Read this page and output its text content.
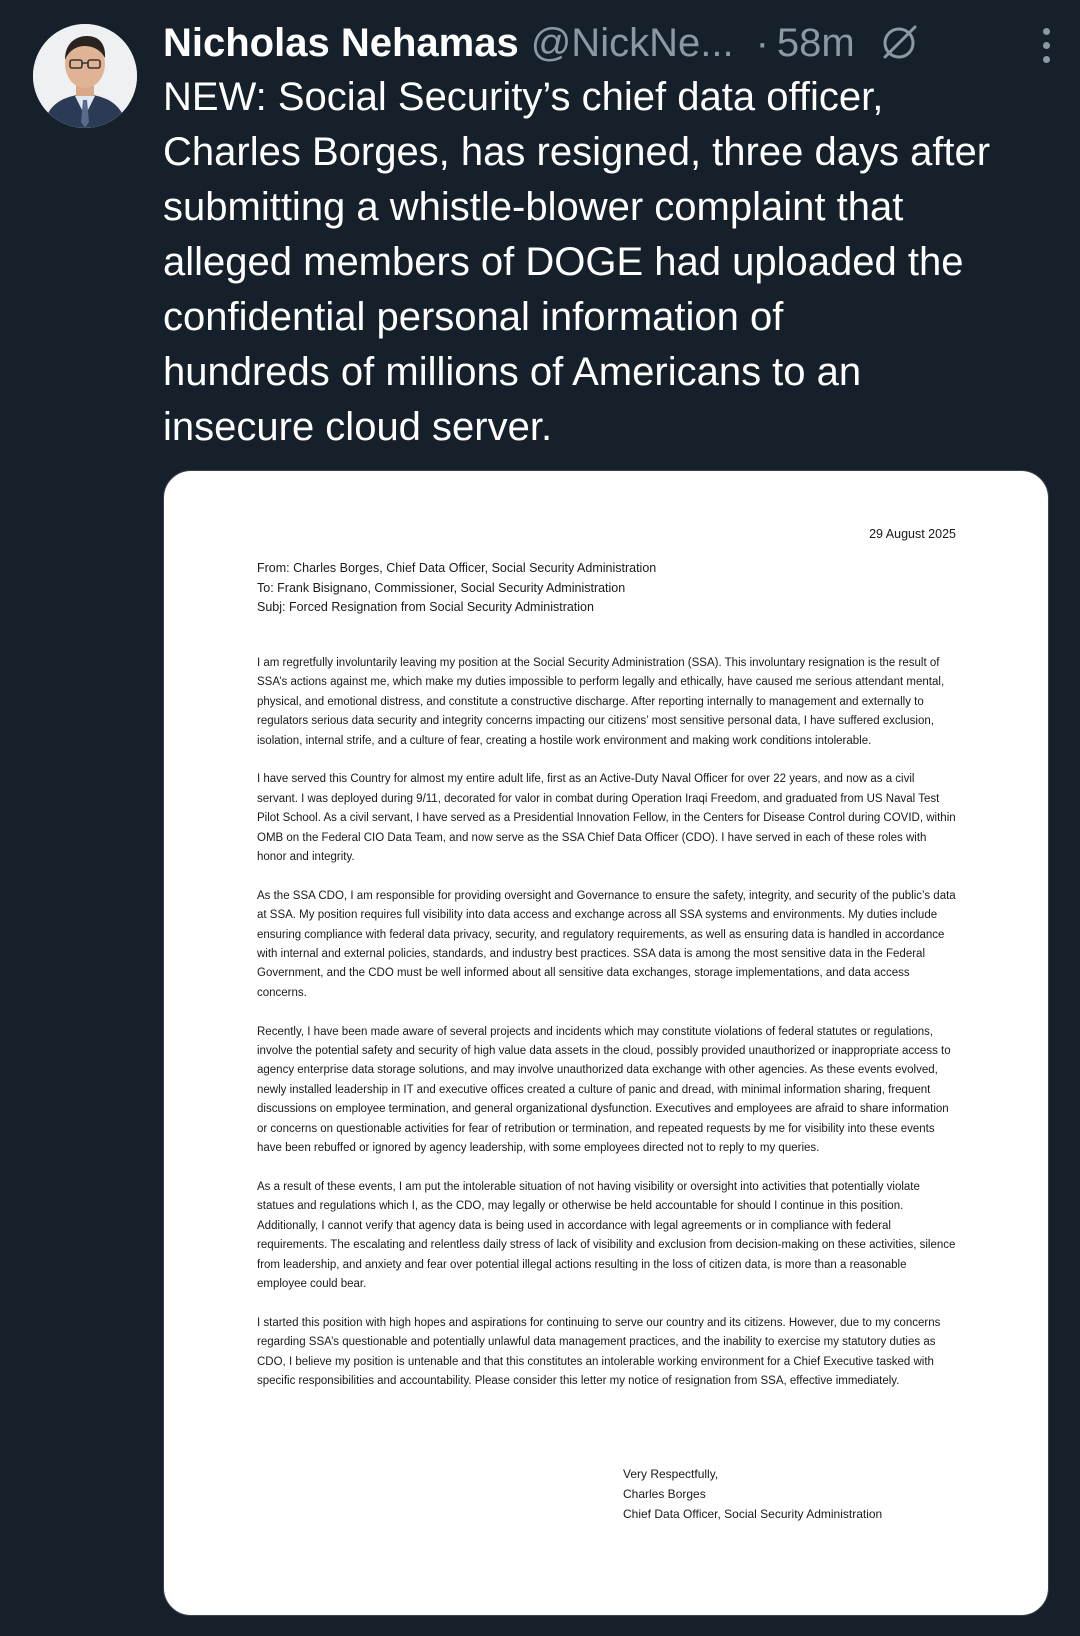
Nicholas Nehamas @NickNe... · 58m
NEW: Social Security’s chief data officer,
Charles Borges, has resigned, three days after
submitting a whistle-blower complaint that
alleged members of DOGE had uploaded the
confidential personal information of
hundreds of millions of Americans to an
insecure cloud server.
29 August 2025
From: Charles Borges, Chief Data Officer, Social Security Administration
To: Frank Bisignano, Commissioner, Social Security Administration
Subj: Forced Resignation from Social Security Administration

I am regretfully involuntarily leaving my position at the Social Security Administration (SSA). This involuntary resignation is the result of SSA’s actions against me, which make my duties impossible to perform legally and ethically, have caused me serious attendant mental, physical, and emotional distress, and constitute a constructive discharge. After reporting internally to management and externally to regulators serious data security and integrity concerns impacting our citizens’ most sensitive personal data, I have suffered exclusion, isolation, internal strife, and a culture of fear, creating a hostile work environment and making work conditions intolerable.

I have served this Country for almost my entire adult life, first as an Active-Duty Naval Officer for over 22 years, and now as a civil servant. I was deployed during 9/11, decorated for valor in combat during Operation Iraqi Freedom, and graduated from US Naval Test Pilot School. As a civil servant, I have served as a Presidential Innovation Fellow, in the Centers for Disease Control during COVID, within OMB on the Federal CIO Data Team, and now serve as the SSA Chief Data Officer (CDO). I have served in each of these roles with honor and integrity.

As the SSA CDO, I am responsible for providing oversight and Governance to ensure the safety, integrity, and security of the public’s data at SSA. My position requires full visibility into data access and exchange across all SSA systems and environments. My duties include ensuring compliance with federal data privacy, security, and regulatory requirements, as well as ensuring data is handled in accordance with internal and external policies, standards, and industry best practices. SSA data is among the most sensitive data in the Federal Government, and the CDO must be well informed about all sensitive data exchanges, storage implementations, and data access concerns.

Recently, I have been made aware of several projects and incidents which may constitute violations of federal statutes or regulations, involve the potential safety and security of high value data assets in the cloud, possibly provided unauthorized or inappropriate access to agency enterprise data storage solutions, and may involve unauthorized data exchange with other agencies. As these events evolved, newly installed leadership in IT and executive offices created a culture of panic and dread, with minimal information sharing, frequent discussions on employee termination, and general organizational dysfunction. Executives and employees are afraid to share information or concerns on questionable activities for fear of retribution or termination, and repeated requests by me for visibility into these events have been rebuffed or ignored by agency leadership, with some employees directed not to reply to my queries.

As a result of these events, I am put the intolerable situation of not having visibility or oversight into activities that potentially violate statues and regulations which I, as the CDO, may legally or otherwise be held accountable for should I continue in this position. Additionally, I cannot verify that agency data is being used in accordance with legal agreements or in compliance with federal requirements. The escalating and relentless daily stress of lack of visibility and exclusion from decision-making on these activities, silence from leadership, and anxiety and fear over potential illegal actions resulting in the loss of citizen data, is more than a reasonable employee could bear.

I started this position with high hopes and aspirations for continuing to serve our country and its citizens. However, due to my concerns regarding SSA’s questionable and potentially unlawful data management practices, and the inability to exercise my statutory duties as CDO, I believe my position is untenable and that this constitutes an intolerable working environment for a Chief Executive tasked with specific responsibilities and accountability. Please consider this letter my notice of resignation from SSA, effective immediately.

Very Respectfully,
Charles Borges
Chief Data Officer, Social Security Administration
